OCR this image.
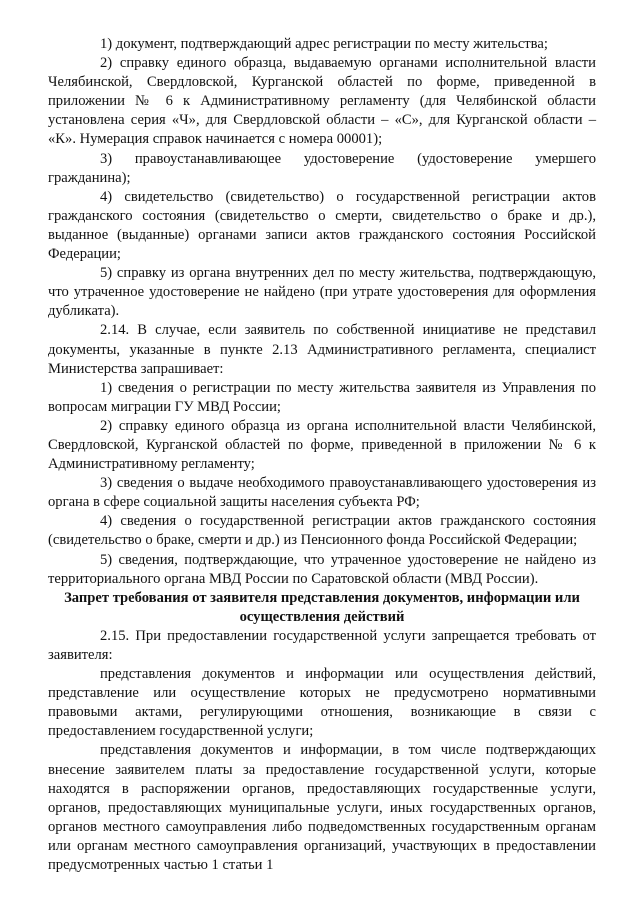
1) документ, подтверждающий адрес регистрации по месту жительства;

2) справку единого образца, выдаваемую органами исполнительной власти Челябинской, Свердловской, Курганской областей по форме, приведенной в приложении № 6 к Административному регламенту (для Челябинской области установлена серия «Ч», для Свердловской области – «С», для Курганской области – «К». Нумерация справок начинается с номера 00001);

3) правоустанавливающее удостоверение (удостоверение умершего гражданина);

4) свидетельство (свидетельство) о государственной регистрации актов гражданского состояния (свидетельство о смерти, свидетельство о браке и др.), выданное (выданные) органами записи актов гражданского состояния Российской Федерации;

5) справку из органа внутренних дел по месту жительства, подтверждающую, что утраченное удостоверение не найдено (при утрате удостоверения для оформления дубликата).

2.14. В случае, если заявитель по собственной инициативе не представил документы, указанные в пункте 2.13 Административного регламента, специалист Министерства запрашивает:

1) сведения о регистрации по месту жительства заявителя из Управления по вопросам миграции ГУ МВД России;

2) справку единого образца из органа исполнительной власти Челябинской, Свердловской, Курганской областей по форме, приведенной в приложении № 6 к Административному регламенту;

3) сведения о выдаче необходимого правоустанавливающего удостоверения из органа в сфере социальной защиты населения субъекта РФ;

4) сведения о государственной регистрации актов гражданского состояния (свидетельство о браке, смерти и др.) из Пенсионного фонда Российской Федерации;

5) сведения, подтверждающие, что утраченное удостоверение не найдено из территориального органа МВД России по Саратовской области (МВД России).

Запрет требования от заявителя представления документов, информации или осуществления действий

2.15. При предоставлении государственной услуги запрещается требовать от заявителя:

представления документов и информации или осуществления действий, представление или осуществление которых не предусмотрено нормативными правовыми актами, регулирующими отношения, возникающие в связи с предоставлением государственной услуги;

представления документов и информации, в том числе подтверждающих внесение заявителем платы за предоставление государственной услуги, которые находятся в распоряжении органов, предоставляющих государственные услуги, органов, предоставляющих муниципальные услуги, иных государственных органов, органов местного самоуправления либо подведомственных государственным органам или органам местного самоуправления организаций, участвующих в предоставлении предусмотренных частью 1 статьи 1
